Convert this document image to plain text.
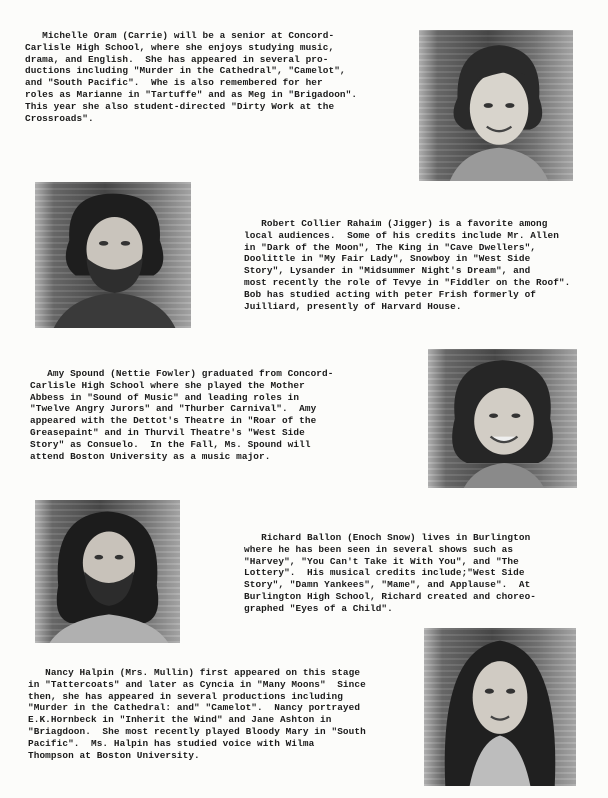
Michelle Oram (Carrie) will be a senior at Concord-

Carlisle High School, where she enjoys studying music,

drama, and English.  She has appeared in several pro-

ductions including "Murder in the Cathedral", "Camelot",

and "South Pacific".  Whe is also remembered for her

roles as Marianne in "Tartuffe" and as Meg in "Brigadoon".

This year she also student-directed "Dirty Work at the

Crossroads".

Robert Collier Rahaim (Jigger) is a favorite among

local audiences.  Some of his credits include Mr. Allen

in "Dark of the Moon", The King in "Cave Dwellers",

Doolittle in "My Fair Lady", Snowboy in "West Side

Story", Lysander in "Midsummer Night's Dream", and

most recently the role of Tevye in "Fiddler on the Roof".

Bob has studied acting with peter Frish formerly of

Juilliard, presently of Harvard House.

Amy Spound (Nettie Fowler) graduated from Concord-

Carlisle High School where she played the Mother

Abbess in "Sound of Music" and leading roles in

"Twelve Angry Jurors" and "Thurber Carnival".  Amy

appeared with the Dettot's Theatre in "Roar of the

Greasepaint" and in Thurvil Theatre's "West Side

Story" as Consuelo.  In the Fall, Ms. Spound will

attend Boston University as a music major.

Richard Ballon (Enoch Snow) lives in Burlington

where he has been seen in several shows such as

"Harvey", "You Can't Take it With You", and "The

Lottery".  His musical credits include;"West Side

Story", "Damn Yankees", "Mame", and Applause".  At

Burlington High School, Richard created and choreo-

graphed "Eyes of a Child".

Nancy Halpin (Mrs. Mullin) first appeared on this stage

in "Tattercoats" and later as Cyncia in "Many Moons"  Since

then, she has appeared in several productions including

"Murder in the Cathedral: and" "Camelot".  Nancy portrayed

E.K.Hornbeck in "Inherit the Wind" and Jane Ashton in

"Briagdoon.  She most recently played Bloody Mary in "South

Pacific".  Ms. Halpin has studied voice with Wilma

Thompson at Boston University.
